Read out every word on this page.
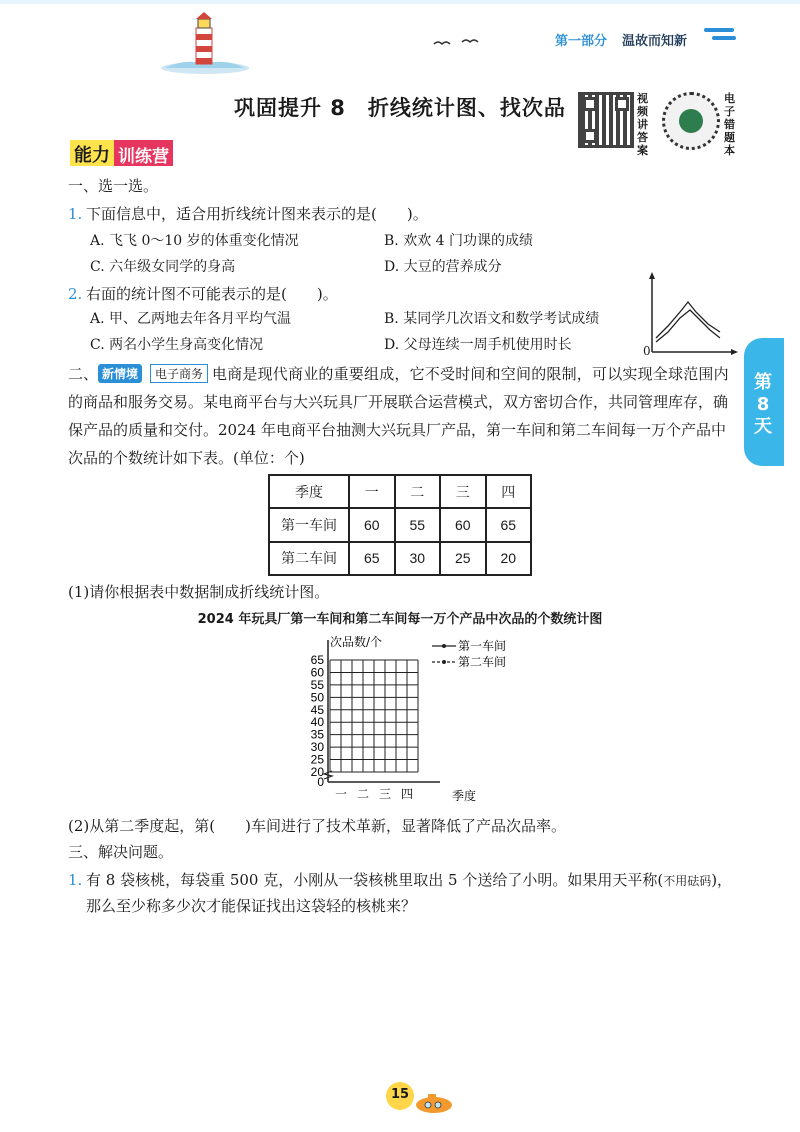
第一部分 温故而知新
巩固提升 8　折线统计图、找次品	视频讲答案
电子错题本
能力 训练营
第8天
一、选一选。
1. 下面信息中，适合用折线统计图来表示的是(　　)。
A. 飞飞 0～10 岁的体重变化情况	B. 欢欢 4 门功课的成绩
C. 六年级女同学的身高	D. 大豆的营养成分
2. 右面的统计图不可能表示的是(　　)。
A. 甲、乙两地去年各月平均气温	B. 某同学几次语文和数学考试成绩
C. 两名小学生身高变化情况	D. 父母连续一周手机使用时长	0
二、 新情境	电子商务 电商是现代商业的重要组成，它不受时间和空间的限制，可以实现全球范围内
的商品和服务交易。某电商平台与大兴玩具厂开展联合运营模式，双方密切合作，共同管理库存，确
保产品的质量和交付。2024 年电商平台抽测大兴玩具厂产品，第一车间和第二车间每一万个产品中
次品的个数统计如下表。(单位：个)
季度	一	二	三	四
第一车间	60	55	60	65
第二车间	65	30	25	20
(1)请你根据表中数据制成折线统计图。
2024 年玩具厂第一车间和第二车间每一万个产品中次品的个数统计图
0
20
25
30
35
40
45
50
55
60
65
次品数/个
一 二 三 四	季度
第一车间
第二车间
(2)从第二季度起，第(　　)车间进行了技术革新，显著降低了产品次品率。
三、解决问题。
1. 有 8 袋核桃，每袋重 500 克，小刚从一袋核桃里取出 5 个送给了小明。如果用天平称(不用砝码)，
那么至少称多少次才能保证找出这袋轻的核桃来？
15
